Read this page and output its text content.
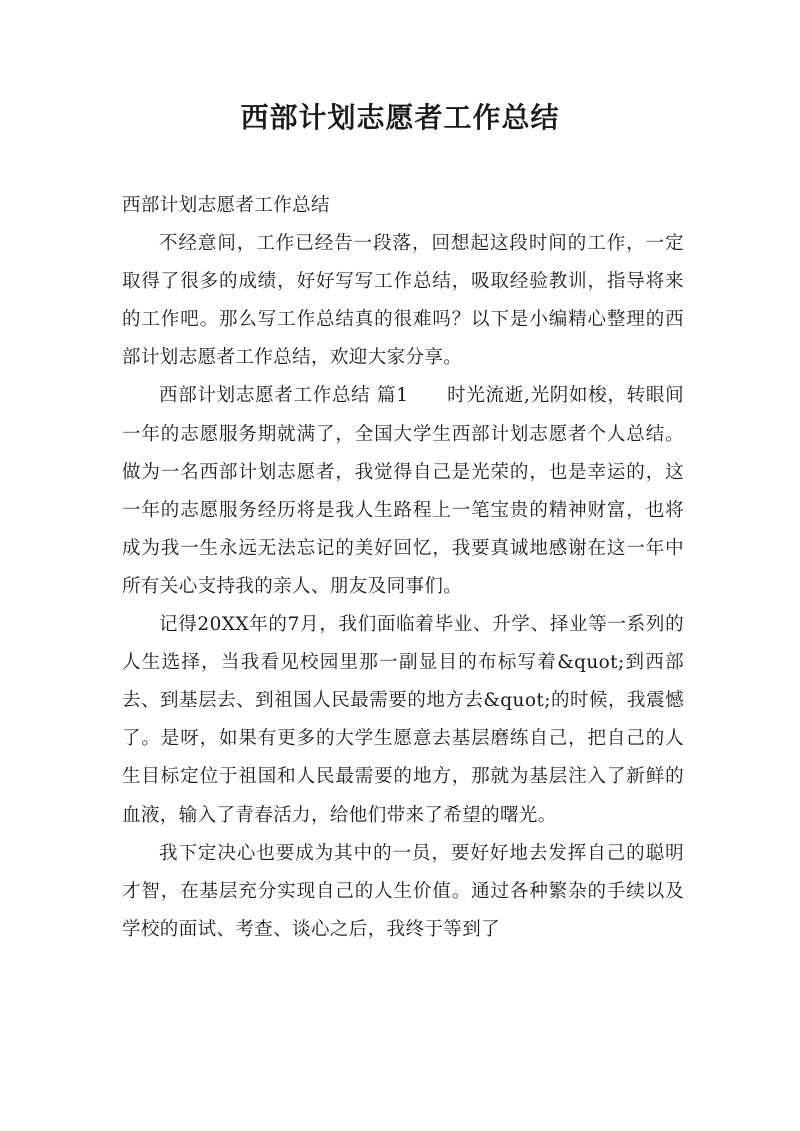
西部计划志愿者工作总结

西部计划志愿者工作总结

不经意间，工作已经告一段落，回想起这段时间的工作，一定取得了很多的成绩，好好写写工作总结，吸取经验教训，指导将来的工作吧。那么写工作总结真的很难吗？以下是小编精心整理的西部计划志愿者工作总结，欢迎大家分享。

西部计划志愿者工作总结 篇1　　时光流逝,光阴如梭，转眼间一年的志愿服务期就满了，全国大学生西部计划志愿者个人总结。做为一名西部计划志愿者，我觉得自己是光荣的，也是幸运的，这一年的志愿服务经历将是我人生路程上一笔宝贵的精神财富，也将成为我一生永远无法忘记的美好回忆，我要真诚地感谢在这一年中所有关心支持我的亲人、朋友及同事们。

记得20XX年的7月，我们面临着毕业、升学、择业等一系列的人生选择，当我看见校园里那一副显目的布标写着&quot;到西部去、到基层去、到祖国人民最需要的地方去&quot;的时候，我震憾了。是呀，如果有更多的大学生愿意去基层磨练自己，把自己的人生目标定位于祖国和人民最需要的地方，那就为基层注入了新鲜的血液，输入了青春活力，给他们带来了希望的曙光。

我下定决心也要成为其中的一员，要好好地去发挥自己的聪明才智，在基层充分实现自己的人生价值。通过各种繁杂的手续以及学校的面试、考查、谈心之后，我终于等到了
